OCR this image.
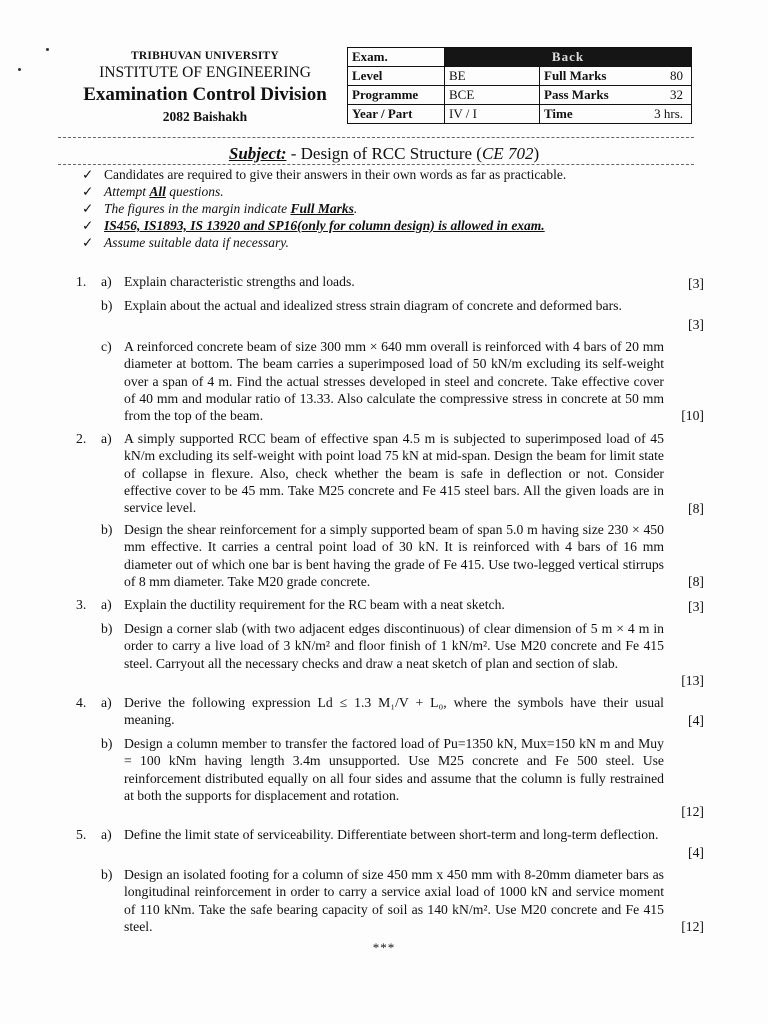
TRIBHUVAN UNIVERSITY
INSTITUTE OF ENGINEERING
Examination Control Division
2082 Baishakh
Exam.	Back		
Level	BE	Full Marks	80
Programme	BCE	Pass Marks	32
Year / Part	IV / I	Time	3 hrs.
Subject: - Design of RCC Structure (CE 702)
✓ Candidates are required to give their answers in their own words as far as practicable.
✓ Attempt All questions.
✓ The figures in the margin indicate Full Marks.
✓ IS456, IS1893, IS 13920 and SP16(only for column design) is allowed in exam.
✓ Assume suitable data if necessary.
1. a) Explain characteristic strengths and loads.	[3]
b) Explain about the actual and idealized stress strain diagram of concrete and deformed bars.
[3]
c) A reinforced concrete beam of size 300 mm × 640 mm overall is reinforced with 4 bars of 20 mm diameter at bottom. The beam carries a superimposed load of 50 kN/m excluding its self-weight over a span of 4 m. Find the actual stresses developed in steel and concrete. Take effective cover of 40 mm and modular ratio of 13.33. Also calculate the compressive stress in concrete at 50 mm from the top of the beam.	[10]
2. a) A simply supported RCC beam of effective span 4.5 m is subjected to superimposed load of 45 kN/m excluding its self-weight with point load 75 kN at mid-span. Design the beam for limit state of collapse in flexure. Also, check whether the beam is safe in deflection or not. Consider effective cover to be 45 mm. Take M25 concrete and Fe 415 steel bars. All the given loads are in service level.	[8]
b) Design the shear reinforcement for a simply supported beam of span 5.0 m having size 230 × 450 mm effective. It carries a central point load of 30 kN. It is reinforced with 4 bars of 16 mm diameter out of which one bar is bent having the grade of Fe 415. Use two-legged vertical stirrups of 8 mm diameter. Take M20 grade concrete.	[8]
3. a) Explain the ductility requirement for the RC beam with a neat sketch.	[3]
b) Design a corner slab (with two adjacent edges discontinuous) of clear dimension of 5 m × 4 m in order to carry a live load of 3 kN/m² and floor finish of 1 kN/m². Use M20 concrete and Fe 415 steel. Carryout all the necessary checks and draw a neat sketch of plan and section of slab.
[13]
4. a) Derive the following expression Ld ≤ 1.3 M₁/V + L₀, where the symbols have their usual meaning.	[4]
b) Design a column member to transfer the factored load of Pu=1350 kN, Mux=150 kN m and Muy = 100 kNm having length 3.4m unsupported. Use M25 concrete and Fe 500 steel. Use reinforcement distributed equally on all four sides and assume that the column is fully restrained at both the supports for displacement and rotation.
[12]
5. a) Define the limit state of serviceability. Differentiate between short-term and long-term deflection.
[4]
b) Design an isolated footing for a column of size 450 mm x 450 mm with 8-20mm diameter bars as longitudinal reinforcement in order to carry a service axial load of 1000 kN and service moment of 110 kNm. Take the safe bearing capacity of soil as 140 kN/m². Use M20 concrete and Fe 415 steel.	[12]
***
